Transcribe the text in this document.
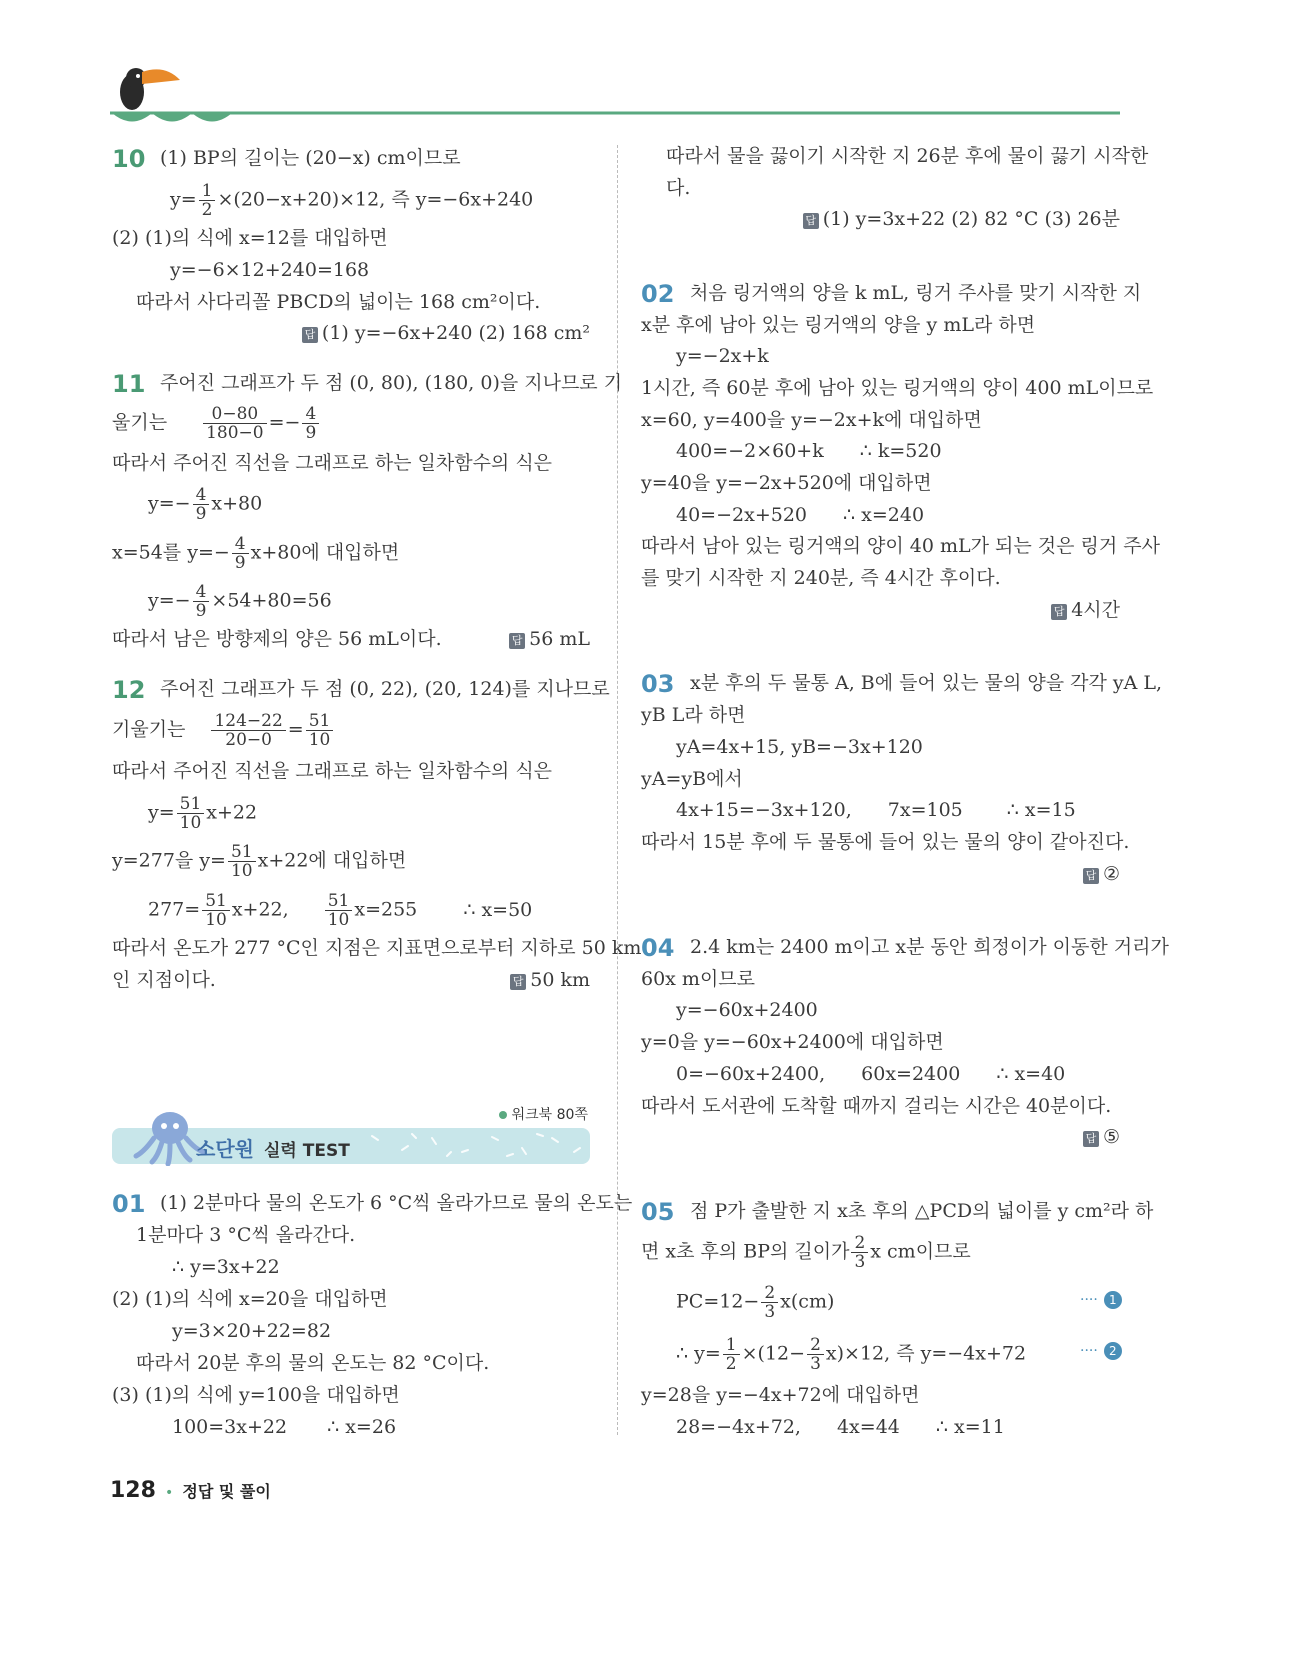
10 (1) BP의 길이는 (20−x) cm이므로
$y= \frac{1}{2} \times(20-x+20)\times 12$, 즉 y=−6x+240
(2) (1)의 식에 x=12를 대입하면
y=−6×12+240=168
따라서 사다리꼴 PBCD의 넓이는 168 cm²이다.
답 (1) y=−6x+240 (2) 168 cm²
11 주어진 그래프가 두 점 (0, 80), (180, 0)을 지나므로 기
울기는 $\frac{0-80}{180-0} =- \frac{4}{9}$
따라서 주어진 직선을 그래프로 하는 일차함수의 식은
$y=- \frac{4}{9} x+80$
x=54를 $y=- \frac{4}{9} x+80$에 대입하면
$y=- \frac{4}{9} \times 54+80=56$
따라서 남은 방향제의 양은 56 mL이다.	답 56 mL
12 주어진 그래프가 두 점 (0, 22), (20, 124)를 지나므로
기울기는 $\frac{124-22}{20-0} = \frac{51}{10}$
따라서 주어진 직선을 그래프로 하는 일차함수의 식은
$y= \frac{51}{10} x+22$
y=277을 $y= \frac{51}{10} x+22$에 대입하면
$277= \frac{51}{10} x+22$, $\frac{51}{10} x=255$ ∴ x=50
따라서 온도가 277 °C인 지점은 지표면으로부터 지하로 50 km
인 지점이다.	답 50 km
워크북 80쪽
소단원 실력 TEST
01 (1) 2분마다 물의 온도가 6 °C씩 올라가므로 물의 온도는
1분마다 3 °C씩 올라간다.
∴ y=3x+22
(2) (1)의 식에 x=20을 대입하면
y=3×20+22=82
따라서 20분 후의 물의 온도는 82 °C이다.
(3) (1)의 식에 y=100을 대입하면
100=3x+22 ∴ x=26
따라서 물을 끓이기 시작한 지 26분 후에 물이 끓기 시작한
다.
답 (1) y=3x+22 (2) 82 °C (3) 26분
02 처음 링거액의 양을 k mL, 링거 주사를 맞기 시작한 지
x분 후에 남아 있는 링거액의 양을 y mL라 하면
y=−2x+k
1시간, 즉 60분 후에 남아 있는 링거액의 양이 400 mL이므로
x=60, y=400을 y=−2x+k에 대입하면
400=−2×60+k ∴ k=520
y=40을 y=−2x+520에 대입하면
40=−2x+520 ∴ x=240
따라서 남아 있는 링거액의 양이 40 mL가 되는 것은 링거 주사
를 맞기 시작한 지 240분, 즉 4시간 후이다.
답 4시간
03 x분 후의 두 물통 A, B에 들어 있는 물의 양을 각각 yA L,
yB L라 하면
yA=4x+15, yB=−3x+120
yA=yB에서
4x+15=−3x+120, 7x=105 ∴ x=15
따라서 15분 후에 두 물통에 들어 있는 물의 양이 같아진다.
답 ②
04 2.4 km는 2400 m이고 x분 동안 희정이가 이동한 거리가
60x m이므로
y=−60x+2400
y=0을 y=−60x+2400에 대입하면
0=−60x+2400, 60x=2400 ∴ x=40
따라서 도서관에 도착할 때까지 걸리는 시간은 40분이다.
답 ⑤
05 점 P가 출발한 지 x초 후의 △PCD의 넓이를 y cm²라 하
면 x초 후의 BP의 길이가 $\frac{2}{3}$ x cm이므로
$PC=12- \frac{2}{3} x(cm)$	···· 1
∴ $y= \frac{1}{2} \times(12- \frac{2}{3} x)\times 12$, 즉 y=−4x+72	···· 2
y=28을 y=−4x+72에 대입하면
28=−4x+72, 4x=44 ∴ x=11
128 • 정답 및 풀이
